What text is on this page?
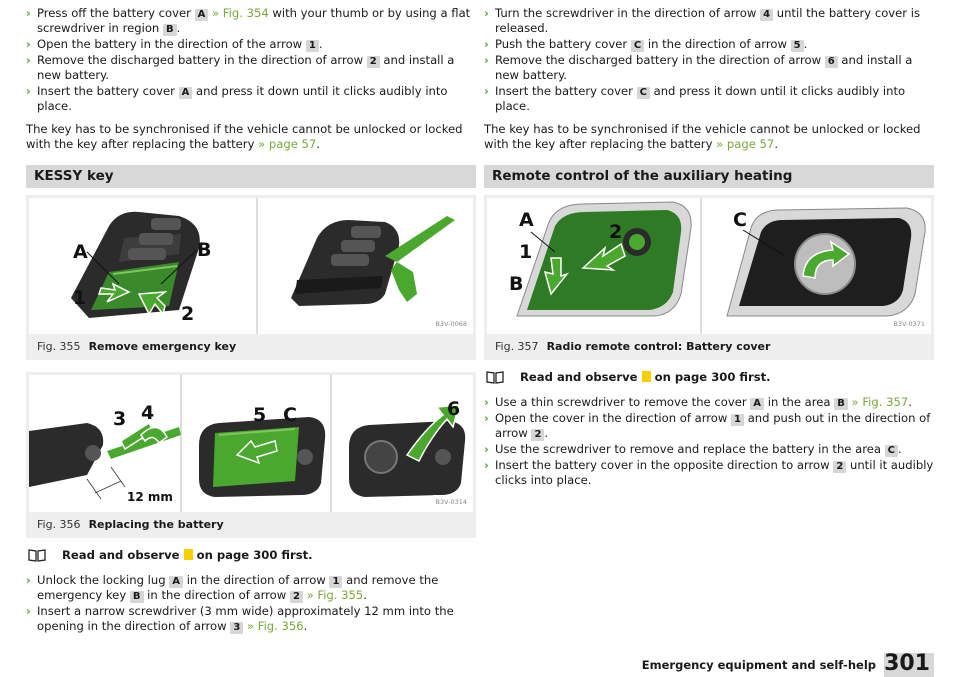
› Press off the battery cover A » Fig. 354 with your thumb or by using a flat screwdriver in region B .
› Open the battery in the direction of the arrow 1 .
› Remove the discharged battery in the direction of arrow 2 and install a new battery.
› Insert the battery cover A and press it down until it clicks audibly into place.

The key has to be synchronised if the vehicle cannot be unlocked or locked with the key after replacing the battery » page 57.

KESSY key
A	B
1
2	B3V-0068
Fig. 355 Remove emergency key
3 4
12 mm
5 C	6
B3V-0314
Fig. 356 Replacing the battery
Read and observe  on page 300 first.
› Unlock the locking lug A in the direction of arrow 1 and remove the emergency key B in the direction of arrow 2 » Fig. 355.
› Insert a narrow screwdriver (3 mm wide) approximately 12 mm into the opening in the direction of arrow 3 » Fig. 356.
› Turn the screwdriver in the direction of arrow 4 until the battery cover is released.
› Push the battery cover C in the direction of arrow 5 .
› Remove the discharged battery in the direction of arrow 6 and install a new battery.
› Insert the battery cover C and press it down until it clicks audibly into place.

The key has to be synchronised if the vehicle cannot be unlocked or locked with the key after replacing the battery » page 57.

Remote control of the auxiliary heating
A
2
1
B
C
B3V-0371
Fig. 357 Radio remote control: Battery cover
Read and observe  on page 300 first.
› Use a thin screwdriver to remove the cover A in the area B » Fig. 357.
› Open the cover in the direction of arrow 1 and push out in the direction of arrow 2 .
› Use the screwdriver to remove and replace the battery in the area C .
› Insert the battery cover in the opposite direction to arrow 2 until it audibly clicks into place.
Emergency equipment and self-help 301
